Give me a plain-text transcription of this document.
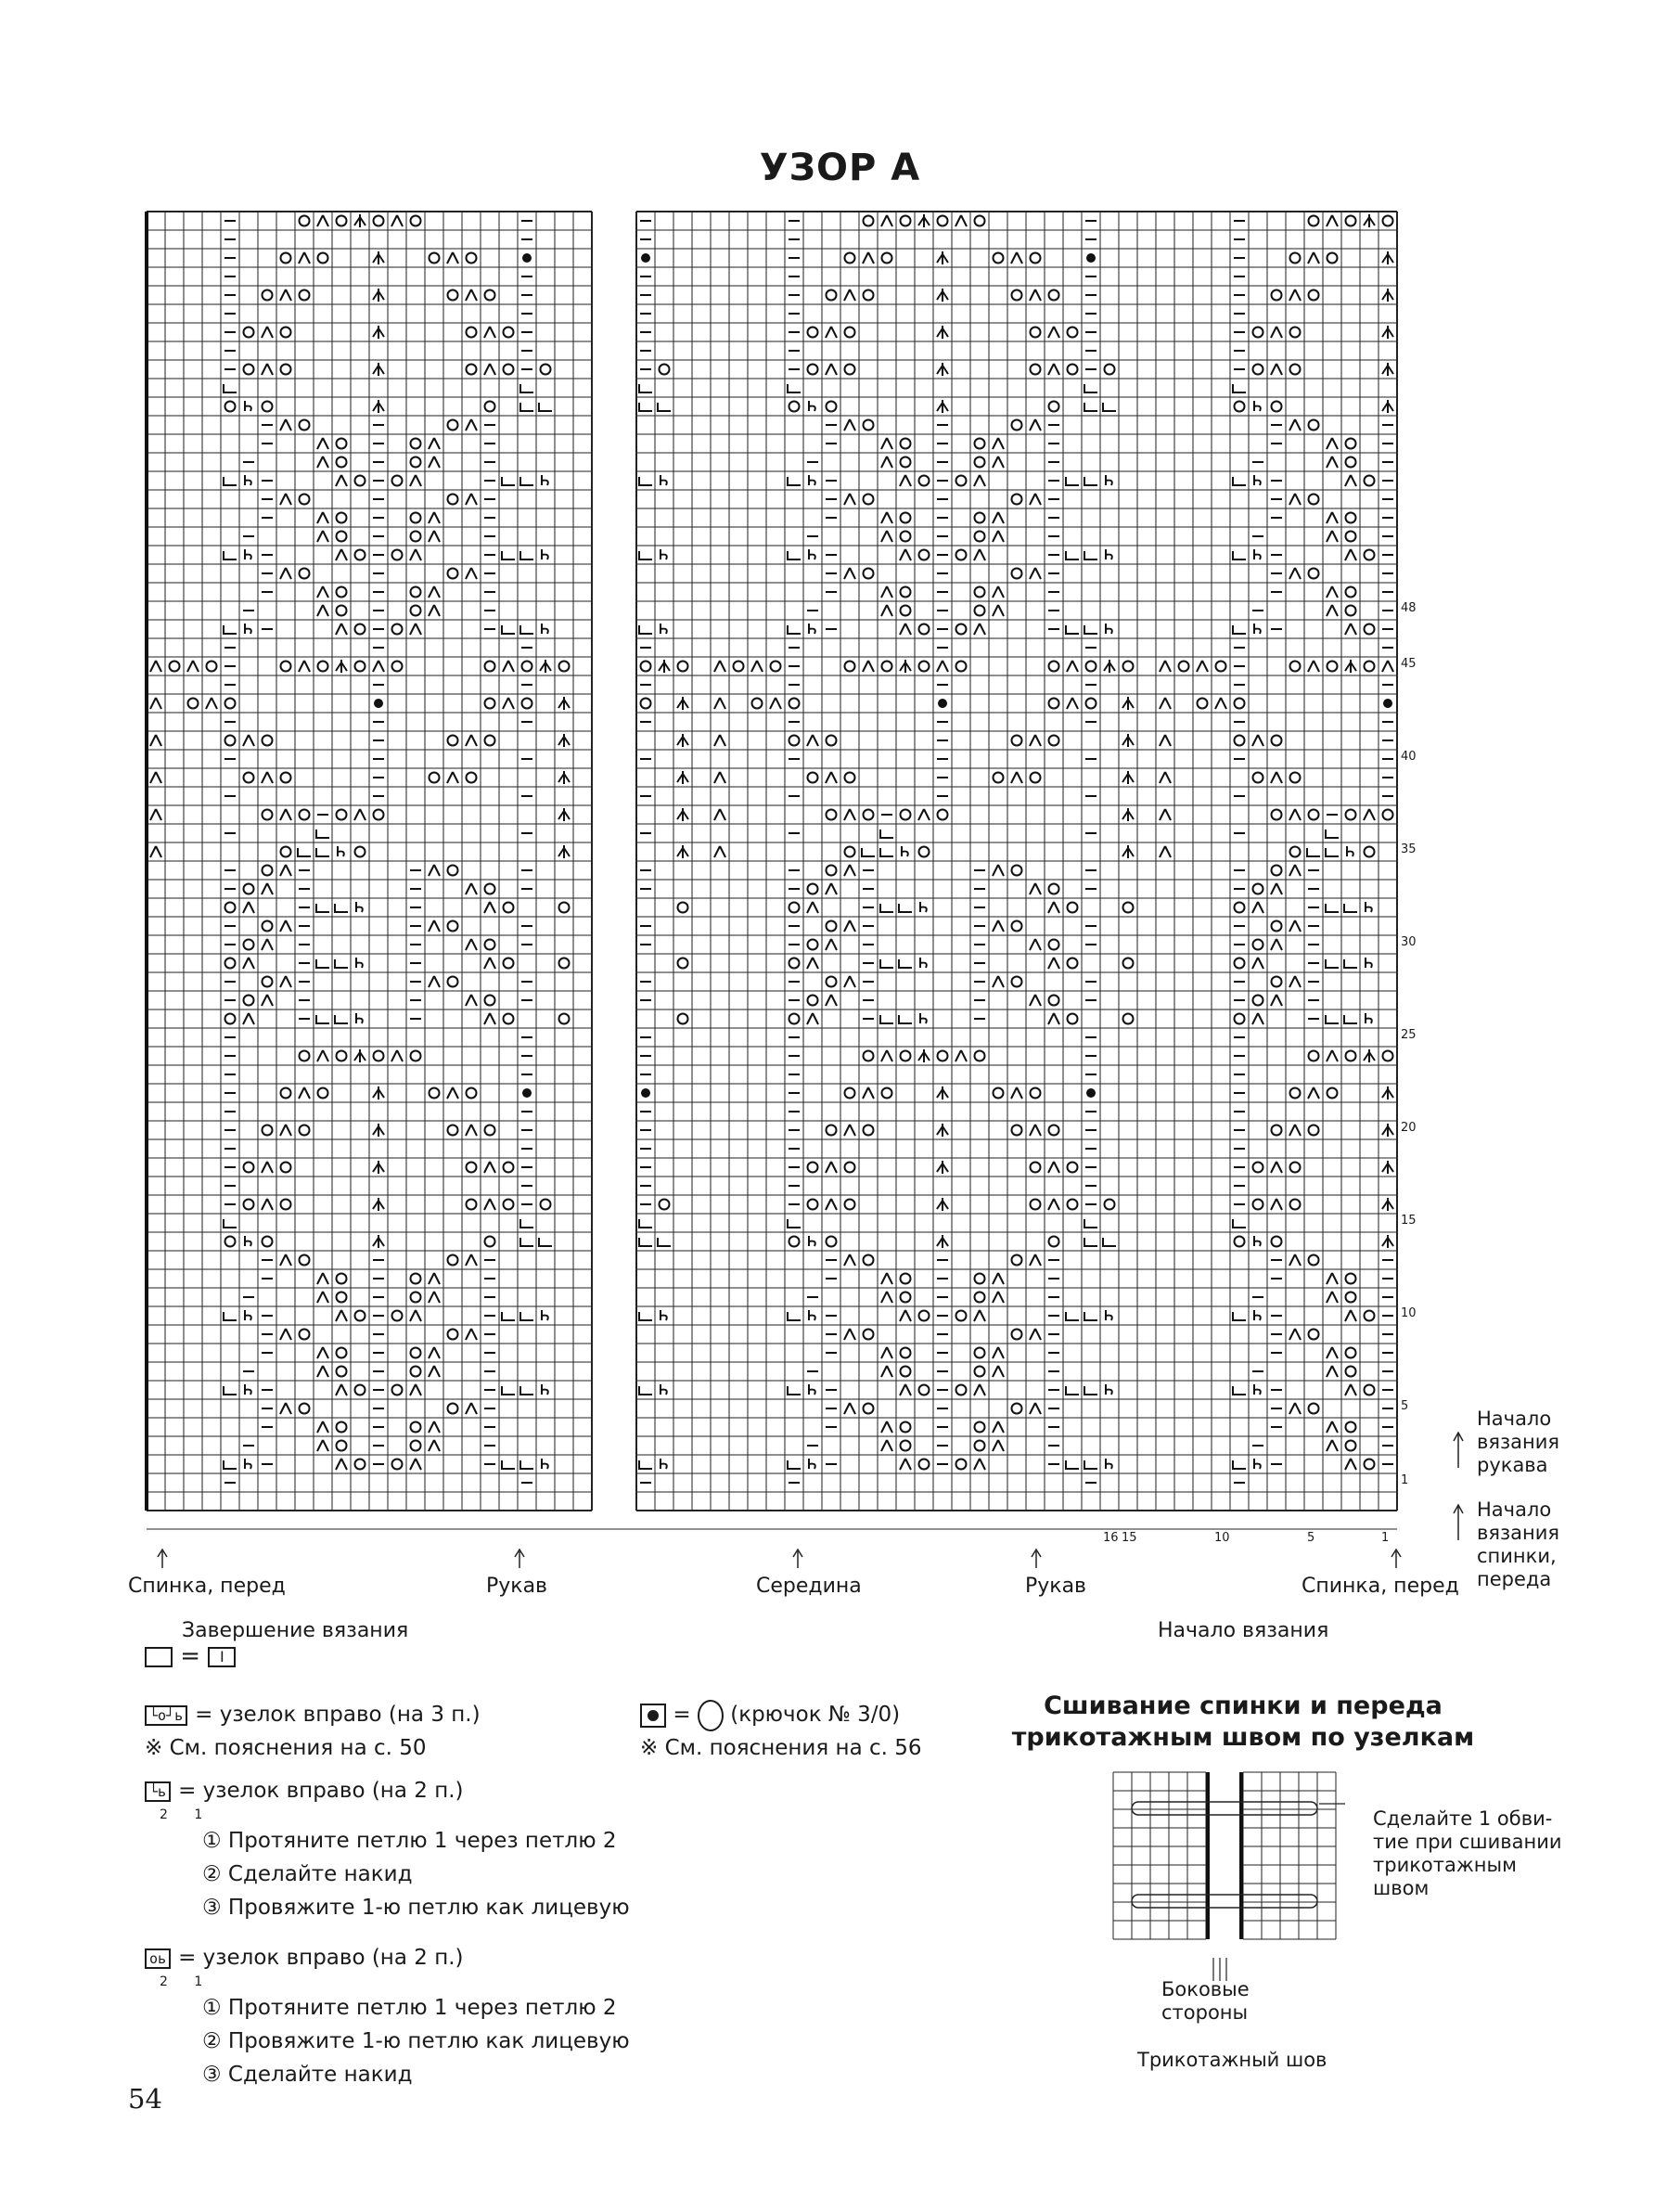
УЗОР А
48
45
40
35
30
25
20
15
10
5
1
16 15	10	5	1
Спинка, перед	Рукав	Середина	Рукав	Спинка, перед
Завершение вязания	Начало вязания
Начало
вязания
рукава
Начало
вязания
спинки,
переда
= I
└o┘ь = узелок вправо (на 3 п.)
※ См. пояснения на с. 50
└ь = узелок вправо (на 2 п.)
2 1
① Протяните петлю 1 через петлю 2
② Сделайте накид
③ Провяжите 1-ю петлю как лицевую
оь = узелок вправо (на 2 п.)
2 1
① Протяните петлю 1 через петлю 2
② Провяжите 1-ю петлю как лицевую
③ Сделайте накид
= (крючок № 3/0)
※ См. пояснения на с. 56
Сшивание спинки и переда
трикотажным швом по узелкам
Сделайте 1 обви-
тие при сшивании
трикотажным
швом
Боковые
стороны
Трикотажный шов
54
